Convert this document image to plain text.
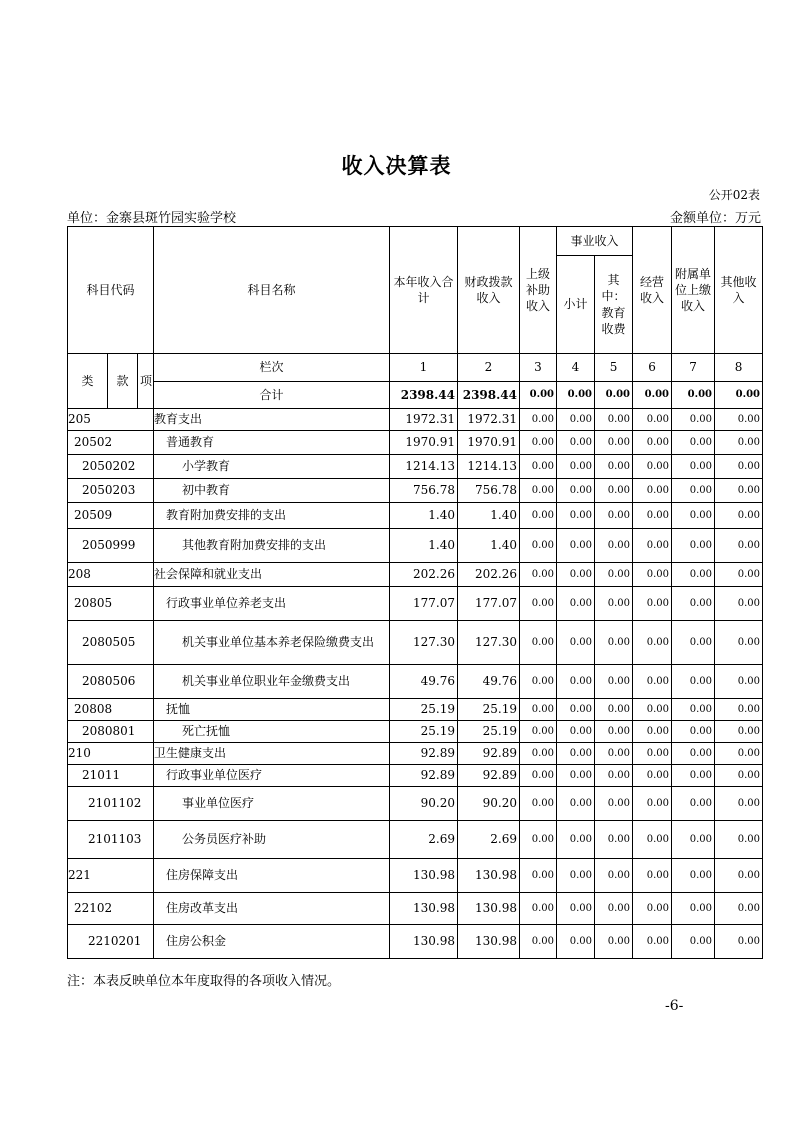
收入决算表
公开02表
单位：金寨县斑竹园实验学校	金额单位：万元
科目代码			科目名称	本年收入合计	财政拨款收入	上级补助收入	事业收入		经营收入	附属单位上缴收入	其他收入
							小计	其中：教育收费			
类	款	项	栏次	1	2	3	4	5	6	7	8
			合计	2398.44	2398.44	0.00	0.00	0.00	0.00	0.00	0.00
205			教育支出	1972.31	1972.31	0.00	0.00	0.00	0.00	0.00	0.00
20502			普通教育	1970.91	1970.91	0.00	0.00	0.00	0.00	0.00	0.00
2050202			小学教育	1214.13	1214.13	0.00	0.00	0.00	0.00	0.00	0.00
2050203			初中教育	756.78	756.78	0.00	0.00	0.00	0.00	0.00	0.00
20509			教育附加费安排的支出	1.40	1.40	0.00	0.00	0.00	0.00	0.00	0.00
2050999			其他教育附加费安排的支出	1.40	1.40	0.00	0.00	0.00	0.00	0.00	0.00
208			社会保障和就业支出	202.26	202.26	0.00	0.00	0.00	0.00	0.00	0.00
20805			行政事业单位养老支出	177.07	177.07	0.00	0.00	0.00	0.00	0.00	0.00
2080505			机关事业单位基本养老保险缴费支出	127.30	127.30	0.00	0.00	0.00	0.00	0.00	0.00
2080506			机关事业单位职业年金缴费支出	49.76	49.76	0.00	0.00	0.00	0.00	0.00	0.00
20808			抚恤	25.19	25.19	0.00	0.00	0.00	0.00	0.00	0.00
2080801			死亡抚恤	25.19	25.19	0.00	0.00	0.00	0.00	0.00	0.00
210			卫生健康支出	92.89	92.89	0.00	0.00	0.00	0.00	0.00	0.00
21011			行政事业单位医疗	92.89	92.89	0.00	0.00	0.00	0.00	0.00	0.00
2101102			事业单位医疗	90.20	90.20	0.00	0.00	0.00	0.00	0.00	0.00
2101103			公务员医疗补助	2.69	2.69	0.00	0.00	0.00	0.00	0.00	0.00
221			住房保障支出	130.98	130.98	0.00	0.00	0.00	0.00	0.00	0.00
22102			住房改革支出	130.98	130.98	0.00	0.00	0.00	0.00	0.00	0.00
2210201			住房公积金	130.98	130.98	0.00	0.00	0.00	0.00	0.00	0.00
注：本表反映单位本年度取得的各项收入情况。
-6-
